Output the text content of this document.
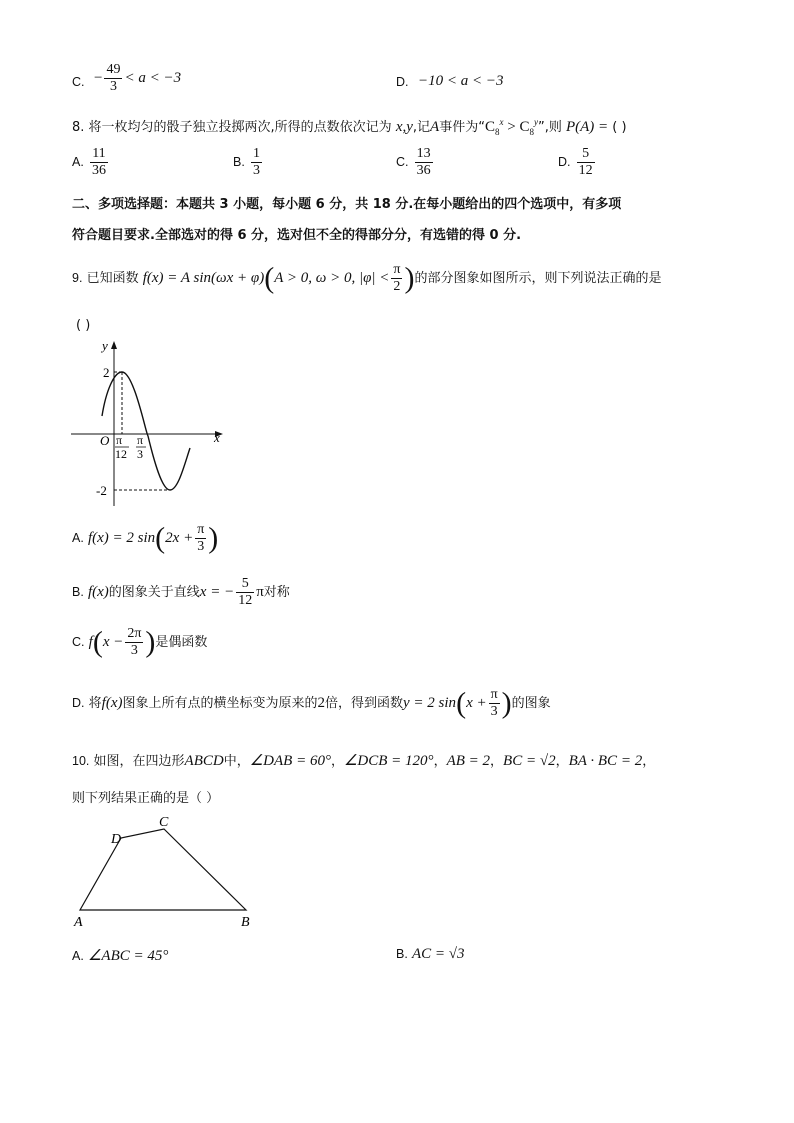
C. − $\frac{49}{3} < a < -3$	D. −10 < a < −3
8. 将一枚均匀的骰子独立投掷两次,所得的点数依次记为 x,y,记A事件为“$C_8^x > C_8^y$”,则 P(A) = ( )
A. $\frac{11}{36}$	B. $\frac{1}{3}$	C. $\frac{13}{36}$	D. $\frac{5}{12}$
二、多项选择题：本题共 3 小题，每小题 6 分，共 18 分.在每小题给出的四个选项中，有多项
符合题目要求.全部选对的得 6 分，选对但不全的得部分分，有选错的得 0 分.
9. 已知函数 f(x) = A sin(ωx + φ)(A > 0, ω > 0, $|\varphi| < \frac{\pi}{2}$ )的部分图象如图所示，则下列说法正确的是
( )
y
x
O
2
-2
π
12
π
3
A. f(x) = 2 $\sin(2x + \frac{\pi}{3}$ )
B. f(x)的图象关于直线x = − $\frac{5}{12}$ π对称
C. $f(x - \frac{2\pi}{3}$ )是偶函数
D. 将f(x)图象上所有点的横坐标变为原来的2倍，得到函数y = 2 $\sin(x + \frac{\pi}{3}$ )的图象
10. 如图，在四边形ABCD中，∠DAB = 60°，∠DCB = 120°，AB = 2，BC = √2，BA · BC = 2，
则下列结果正确的是（ ）
A	B
C
D
A. ∠ABC = 45°	B. AC = √3
